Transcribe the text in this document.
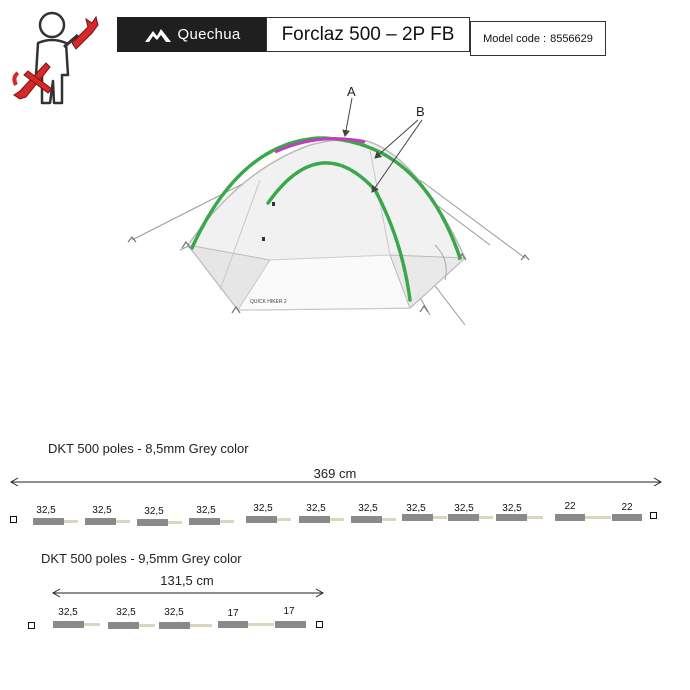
Quechua Forclaz 500 – 2P FB	Model code : 8556629
QUICK HIKER 2
A
B
DKT 500 poles - 8,5mm Grey color
369 cm
32,5	32,5	32,5	32,5	32,5	32,5	32,5	32,5	32,5	32,5	22	22
DKT 500 poles - 9,5mm Grey color
131,5 cm
32,5	32,5	32,5	17	17
